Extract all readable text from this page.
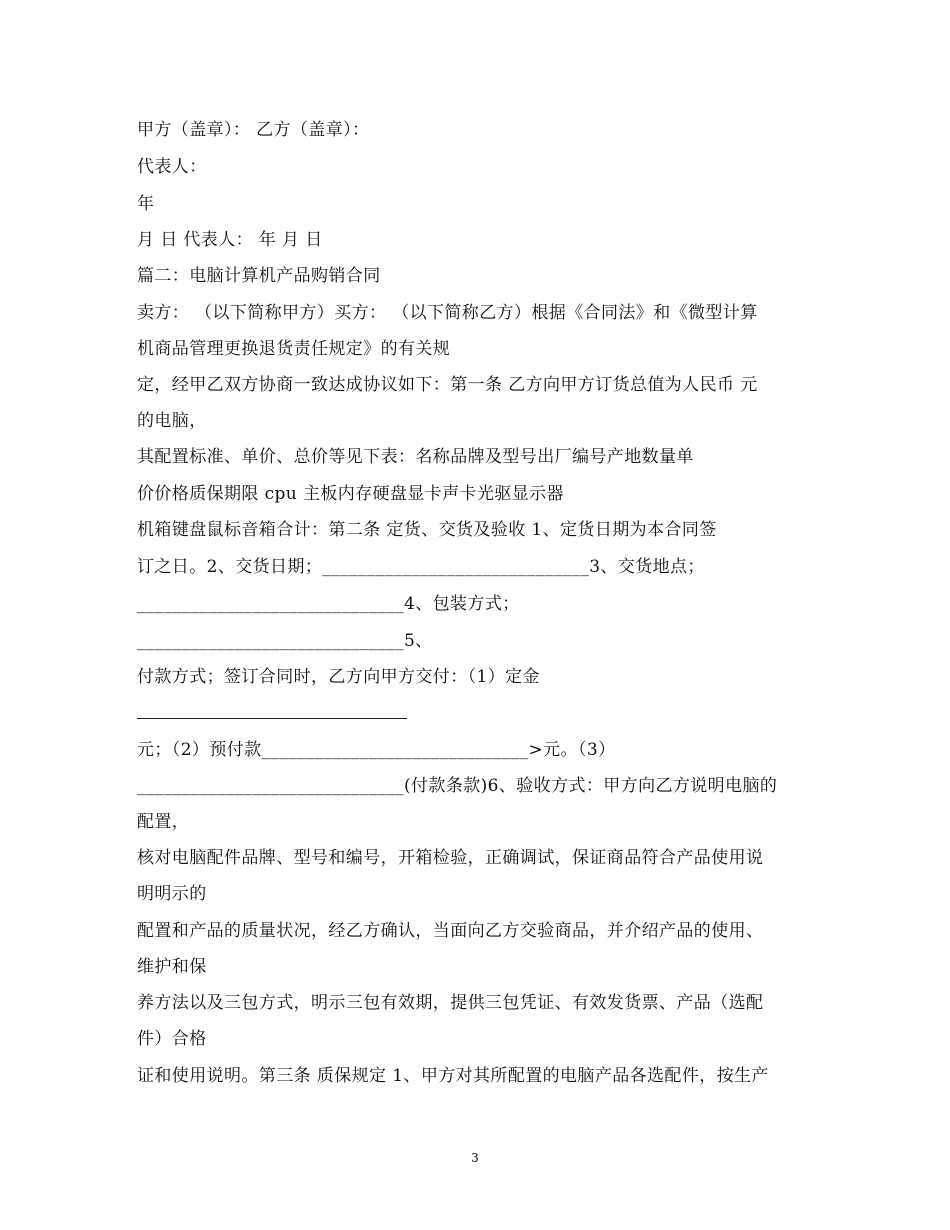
甲方（盖章）： 乙方（盖章）：
代表人：
年
月 日 代表人： 年 月 日
篇二：电脑计算机产品购销合同
卖方： （以下简称甲方）买方： （以下简称乙方）根据《合同法》和《微型计算
机商品管理更换退货责任规定》的有关规
定，经甲乙双方协商一致达成协议如下：第一条 乙方向甲方订货总值为人民币 元
的电脑，
其配置标准、单价、总价等见下表：名称品牌及型号出厂编号产地数量单
价价格质保期限 cpu 主板内存硬盘显卡声卡光驱显示器
机箱键盘鼠标音箱合计：第二条 定货、交货及验收 1、定货日期为本合同签
订之日。2、交货日期；______________________________3、交货地点；
______________________________4、包装方式；
______________________________5、
付款方式；签订合同时，乙方向甲方交付：（1）定金
元；（2）预付款______________________________>元。（3）
______________________________(付款条款)6、验收方式：甲方向乙方说明电脑的
配置，
核对电脑配件品牌、型号和编号，开箱检验，正确调试，保证商品符合产品使用说
明明示的
配置和产品的质量状况，经乙方确认，当面向乙方交验商品，并介绍产品的使用、
维护和保
养方法以及三包方式，明示三包有效期，提供三包凭证、有效发货票、产品（选配
件）合格
证和使用说明。第三条 质保规定 1、甲方对其所配置的电脑产品各选配件，按生产
3
